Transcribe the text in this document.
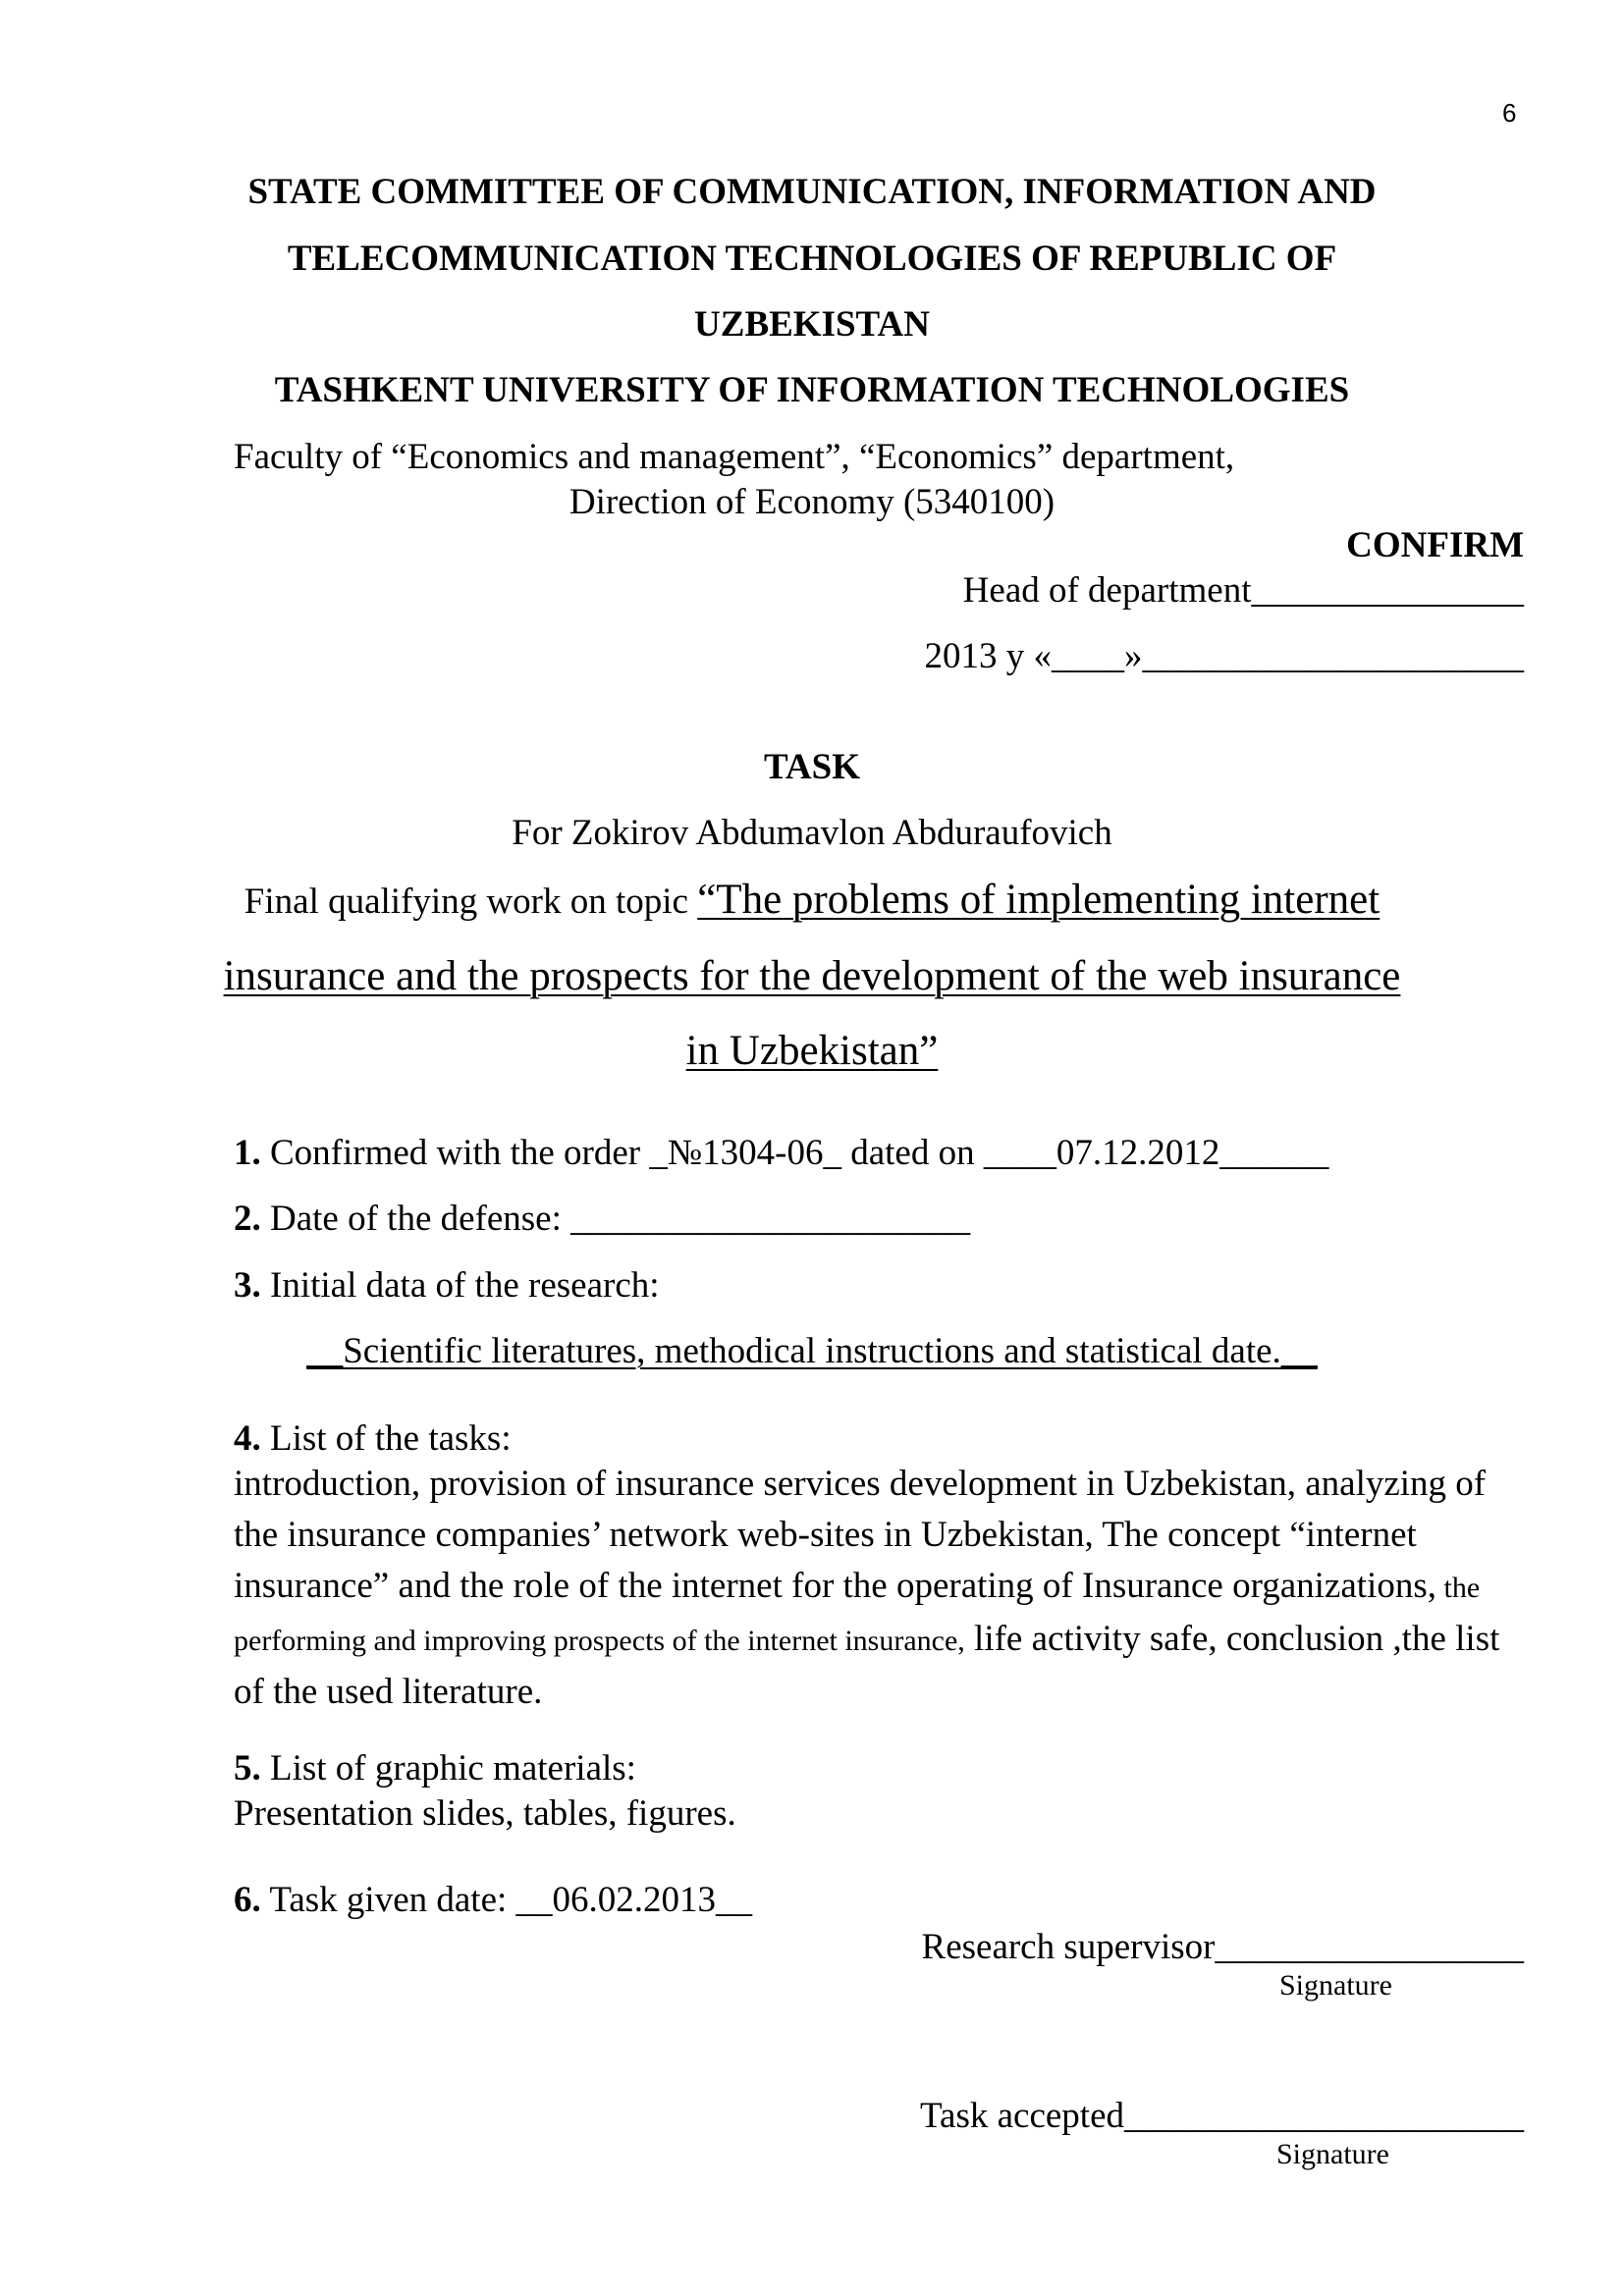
6
STATE COMMITTEE OF COMMUNICATION, INFORMATION AND
TELECOMMUNICATION TECHNOLOGIES OF REPUBLIC OF
UZBEKISTAN
TASHKENT UNIVERSITY OF INFORMATION TECHNOLOGIES
Faculty of “Economics and management”, “Economics” department,
Direction of Economy (5340100)
CONFIRM
Head of department_______________
2013 y «____»_____________________
TASK
For Zokirov Abdumavlon Abduraufovich
Final qualifying work on topic “The problems of implementing internet
insurance and the prospects for the development of the web insurance
in Uzbekistan”
1. Confirmed with the order _№1304-06_ dated on ____07.12.2012______
2. Date of the defense: ______________________
3. Initial data of the research:
__Scientific literatures, methodical instructions and statistical date.__
4. List of the tasks:
introduction, provision of insurance services development in Uzbekistan, analyzing of the insurance companies’ network web-sites in Uzbekistan, The concept “internet insurance” and the role of the internet for the operating of Insurance organizations, the performing and improving prospects of the internet insurance, life activity safe, conclusion ,the list of the used literature.
5. List of graphic materials:
Presentation slides, tables, figures.
6. Task given date: __06.02.2013__
Research supervisor_________________
Signature
Task accepted______________________
Signature
